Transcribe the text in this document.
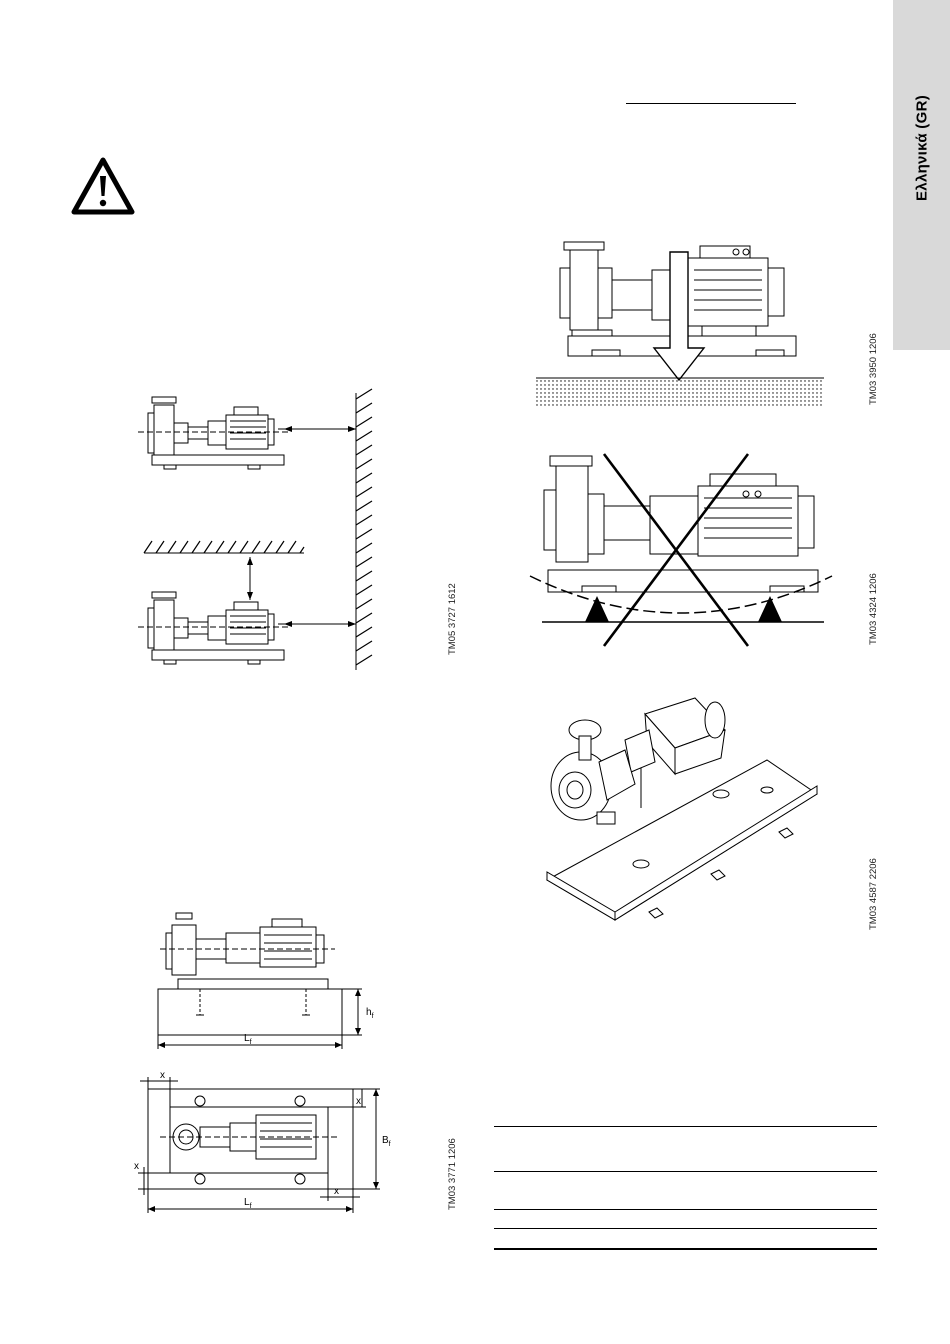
Ελληνικά (GR)
TM05 3727 1612
$h_f$
$L_f$
$B_f$
$L_f$
x
x
x
x	TM03 3771 1206
TM03 3950 1206
TM03 4324 1206
TM03 4587 2206
